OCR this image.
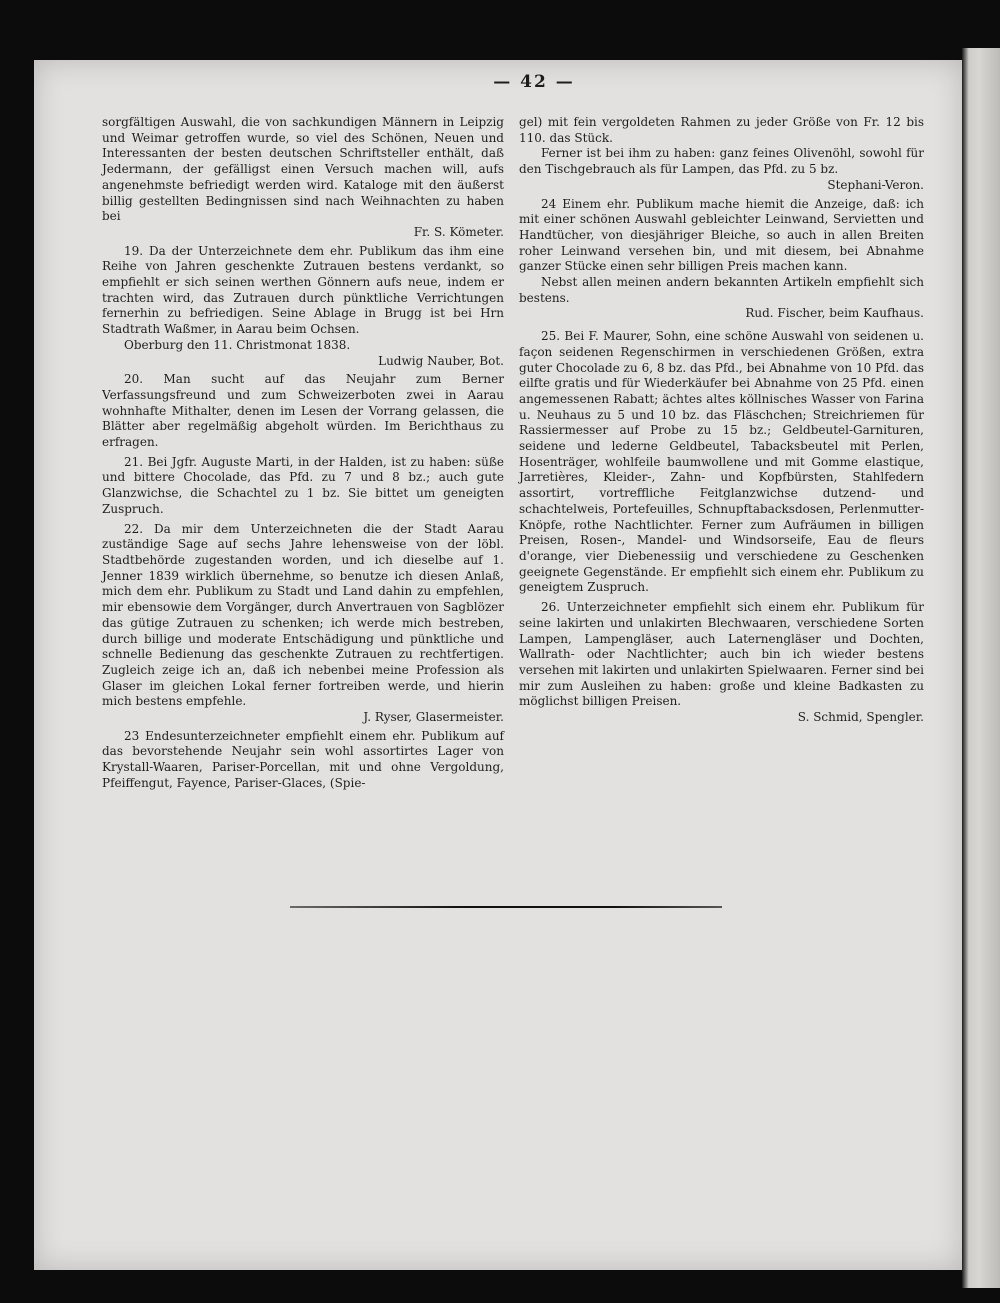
— 42 —

sorgfältigen Auswahl, die von sachkundigen Männern in Leipzig und Weimar getroffen wurde, so viel des Schönen, Neuen und Interessanten der besten deutschen Schriftsteller enthält, daß Jedermann, der gefälligst einen Versuch machen will, aufs angenehmste befriedigt werden wird. Kataloge mit den äußerst billig gestellten Bedingnissen sind nach Weihnachten zu haben bei

Fr. S. Kömeter.

19. Da der Unterzeichnete dem ehr. Publikum das ihm eine Reihe von Jahren geschenkte Zutrauen bestens verdankt, so empfiehlt er sich seinen werthen Gönnern aufs neue, indem er trachten wird, das Zutrauen durch pünktliche Verrichtungen fernerhin zu befriedigen. Seine Ablage in Brugg ist bei Hrn Stadtrath Waßmer, in Aarau beim Ochsen.

Oberburg den 11. Christmonat 1838.

Ludwig Nauber, Bot.

20. Man sucht auf das Neujahr zum Berner Verfassungsfreund und zum Schweizerboten zwei in Aarau wohnhafte Mithalter, denen im Lesen der Vorrang gelassen, die Blätter aber regelmäßig abgeholt würden. Im Berichthaus zu erfragen.

21. Bei Jgfr. Auguste Marti, in der Halden, ist zu haben: süße und bittere Chocolade, das Pfd. zu 7 und 8 bz.; auch gute Glanzwichse, die Schachtel zu 1 bz. Sie bittet um geneigten Zuspruch.

22. Da mir dem Unterzeichneten die der Stadt Aarau zuständige Sage auf sechs Jahre lehensweise von der löbl. Stadtbehörde zugestanden worden, und ich dieselbe auf 1. Jenner 1839 wirklich übernehme, so benutze ich diesen Anlaß, mich dem ehr. Publikum zu Stadt und Land dahin zu empfehlen, mir ebensowie dem Vorgänger, durch Anvertrauen von Sagblözer das gütige Zutrauen zu schenken; ich werde mich bestreben, durch billige und moderate Entschädigung und pünktliche und schnelle Bedienung das geschenkte Zutrauen zu rechtfertigen. Zugleich zeige ich an, daß ich nebenbei meine Profession als Glaser im gleichen Lokal ferner fortreiben werde, und hierin mich bestens empfehle.

J. Ryser, Glasermeister.

23 Endesunterzeichneter empfiehlt einem ehr. Publikum auf das bevorstehende Neujahr sein wohl assortirtes Lager von Krystall-Waaren, Pariser-Porcellan, mit und ohne Vergoldung, Pfeiffengut, Fayence, Pariser-Glaces, (Spie-

gel) mit fein vergoldeten Rahmen zu jeder Größe von Fr. 12 bis 110. das Stück.

Ferner ist bei ihm zu haben: ganz feines Olivenöhl, sowohl für den Tischgebrauch als für Lampen, das Pfd. zu 5 bz.

Stephani-Veron.

24 Einem ehr. Publikum mache hiemit die Anzeige, daß: ich mit einer schönen Auswahl gebleichter Leinwand, Servietten und Handtücher, von diesjähriger Bleiche, so auch in allen Breiten roher Leinwand versehen bin, und mit diesem, bei Abnahme ganzer Stücke einen sehr billigen Preis machen kann.

Nebst allen meinen andern bekannten Artikeln empfiehlt sich bestens.

Rud. Fischer, beim Kaufhaus.

25. Bei F. Maurer, Sohn, eine schöne Auswahl von seidenen u. façon seidenen Regenschirmen in verschiedenen Größen, extra guter Chocolade zu 6, 8 bz. das Pfd., bei Abnahme von 10 Pfd. das eilfte gratis und für Wiederkäufer bei Abnahme von 25 Pfd. einen angemessenen Rabatt; ächtes altes köllnisches Wasser von Farina u. Neuhaus zu 5 und 10 bz. das Fläschchen; Streichriemen für Rassiermesser auf Probe zu 15 bz.; Geldbeutel-Garnituren, seidene und lederne Geldbeutel, Tabacksbeutel mit Perlen, Hosenträger, wohlfeile baumwollene und mit Gomme elastique, Jarretières, Kleider-, Zahn- und Kopfbürsten, Stahlfedern assortirt, vortreffliche Feitglanzwichse dutzend- und schachtelweis, Portefeuilles, Schnupftabacksdosen, Perlenmutter-Knöpfe, rothe Nachtlichter. Ferner zum Aufräumen in billigen Preisen, Rosen-, Mandel- und Windsorseife, Eau de fleurs d'orange, vier Diebenessiig und verschiedene zu Geschenken geeignete Gegenstände. Er empfiehlt sich einem ehr. Publikum zu geneigtem Zuspruch.

26. Unterzeichneter empfiehlt sich einem ehr. Publikum für seine lakirten und unlakirten Blechwaaren, verschiedene Sorten Lampen, Lampengläser, auch Laternengläser und Dochten, Wallrath- oder Nachtlichter; auch bin ich wieder bestens versehen mit lakirten und unlakirten Spielwaaren. Ferner sind bei mir zum Ausleihen zu haben: große und kleine Badkasten zu möglichst billigen Preisen.

S. Schmid, Spengler.
